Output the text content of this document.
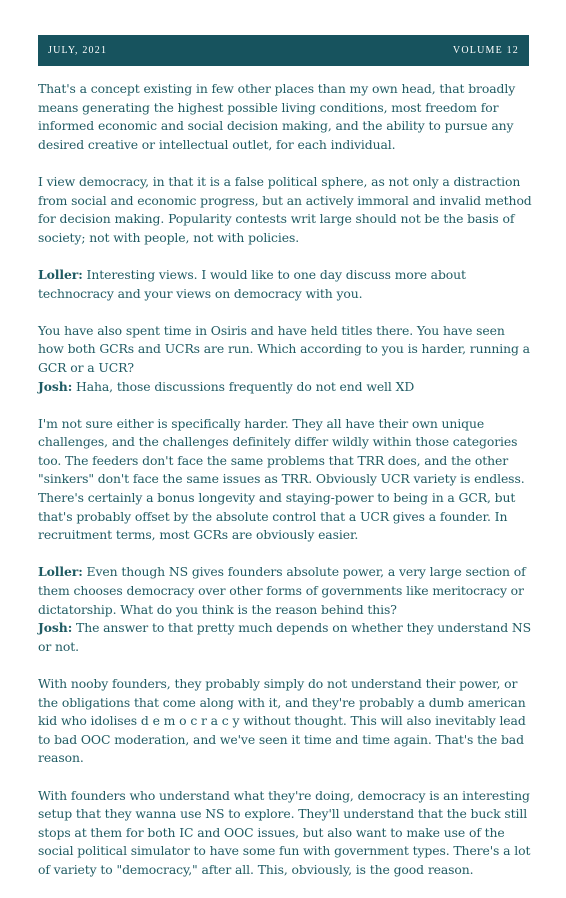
JULY, 2021	VOLUME 12

That's a concept existing in few other places than my own head, that broadly means generating the highest possible living conditions, most freedom for informed economic and social decision making, and the ability to pursue any desired creative or intellectual outlet, for each individual.

I view democracy, in that it is a false political sphere, as not only a distraction from social and economic progress, but an actively immoral and invalid method for decision making. Popularity contests writ large should not be the basis of society; not with people, not with policies.

Loller: Interesting views. I would like to one day discuss more about technocracy and your views on democracy with you.

You have also spent time in Osiris and have held titles there. You have seen how both GCRs and UCRs are run. Which according to you is harder, running a GCR or a UCR?

Josh: Haha, those discussions frequently do not end well XD

I'm not sure either is specifically harder. They all have their own unique challenges, and the challenges definitely differ wildly within those categories too. The feeders don't face the same problems that TRR does, and the other "sinkers" don't face the same issues as TRR. Obviously UCR variety is endless. There's certainly a bonus longevity and staying-power to being in a GCR, but that's probably offset by the absolute control that a UCR gives a founder. In recruitment terms, most GCRs are obviously easier.

Loller: Even though NS gives founders absolute power, a very large section of them chooses democracy over other forms of governments like meritocracy or dictatorship. What do you think is the reason behind this?

Josh: The answer to that pretty much depends on whether they understand NS or not.

With nooby founders, they probably simply do not understand their power, or the obligations that come along with it, and they're probably a dumb american kid who idolises d e m o c r a c y without thought. This will also inevitably lead to bad OOC moderation, and we've seen it time and time again. That's the bad reason.

With founders who understand what they're doing, democracy is an interesting setup that they wanna use NS to explore. They'll understand that the buck still stops at them for both IC and OOC issues, but also want to make use of the social political simulator to have some fun with government types. There's a lot of variety to "democracy," after all. This, obviously, is the good reason.
